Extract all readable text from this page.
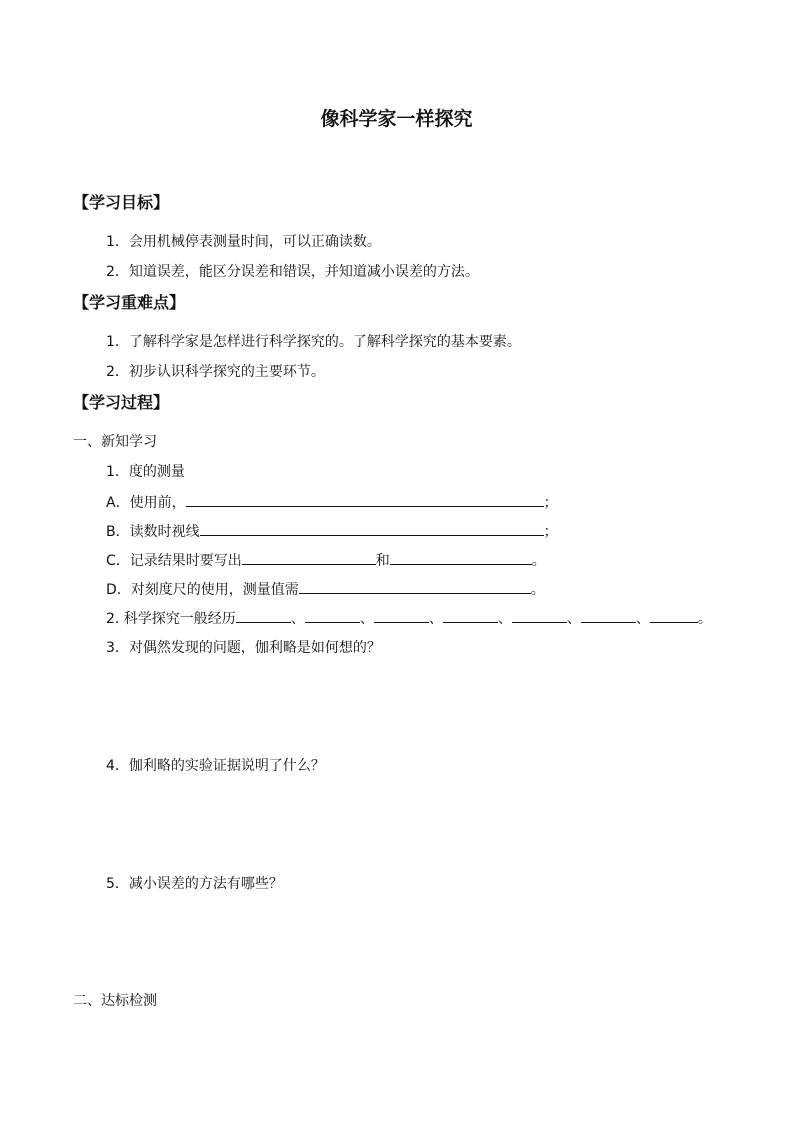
像科学家一样探究
【学习目标】
1．会用机械停表测量时间，可以正确读数。
2．知道误差，能区分误差和错误，并知道减小误差的方法。
【学习重难点】
1．了解科学家是怎样进行科学探究的。了解科学探究的基本要素。
2．初步认识科学探究的主要环节。
【学习过程】
一、新知学习
1．度的测量
A．使用前，	；
B．读数时视线	；
C．记录结果时要写出	和	。
D．对刻度尺的使用，测量值需	。
2. 科学探究一般经历	、	、	、	、	、	、	。
3．对偶然发现的问题，伽利略是如何想的？
4．伽利略的实验证据说明了什么？
5．减小误差的方法有哪些？
二、达标检测
